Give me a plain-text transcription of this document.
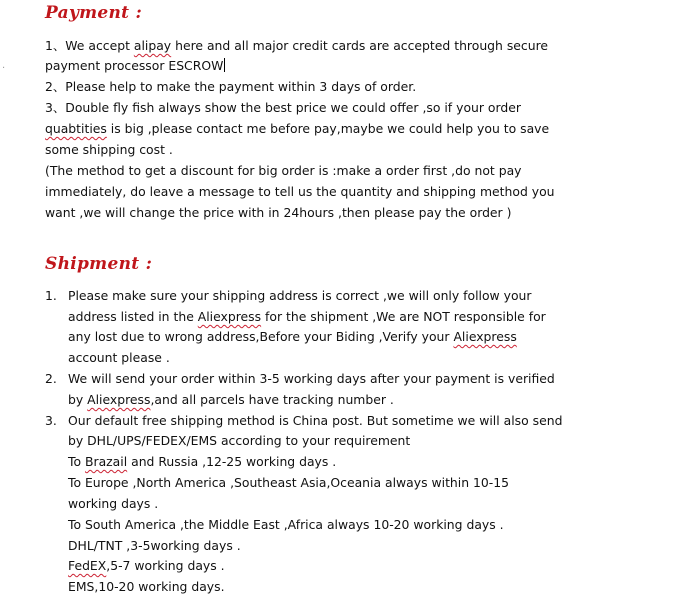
Payment :
·
1、We accept alipay here and all major credit cards are accepted through secure
payment processor ESCROW
2、Please help to make the payment within 3 days of order.
3、Double fly fish always show the best price we could offer ,so if your order
quabtities is big ,please contact me before pay,maybe we could help you to save
some shipping cost .
(The method to get a discount for big order is :make a order first ,do not pay
immediately, do leave a message to tell us the quantity and shipping method you
want ,we will change the price with in 24hours ,then please pay the order )
Shipment :
1.
2.
3.
Please make sure your shipping address is correct ,we will only follow your
address listed in the Aliexpress for the shipment ,We are NOT responsible for
any lost due to wrong address,Before your Biding ,Verify your Aliexpress
account please .
We will send your order within 3-5 working days after your payment is verified
by Aliexpress,and all parcels have tracking number .
Our default free shipping method is China post. But sometime we will also send
by DHL/UPS/FEDEX/EMS according to your requirement
To Brazail and Russia ,12-25 working days .
To Europe ,North America ,Southeast Asia,Oceania always within 10-15
working days .
To South America ,the Middle East ,Africa always 10-20 working days .
DHL/TNT ,3-5working days .
FedEX,5-7 working days .
EMS,10-20 working days.
